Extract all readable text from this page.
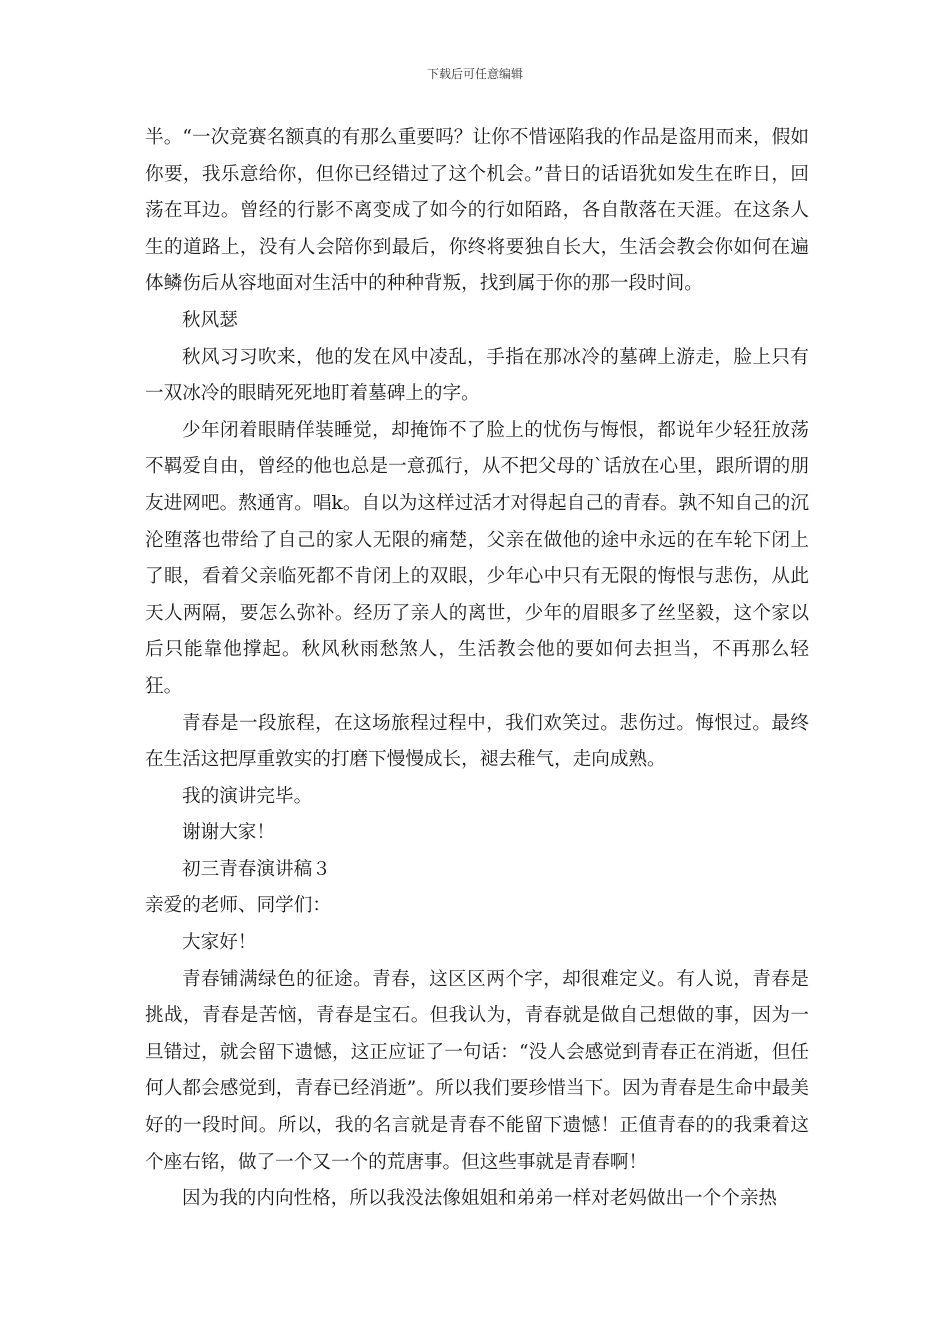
下载后可任意编辑

半。“一次竞赛名额真的有那么重要吗？让你不惜诬陷我的作品是盗用而来，假如你要，我乐意给你，但你已经错过了这个机会。”昔日的话语犹如发生在昨日，回荡在耳边。曾经的行影不离变成了如今的行如陌路，各自散落在天涯。在这条人生的道路上，没有人会陪你到最后，你终将要独自长大，生活会教会你如何在遍体鳞伤后从容地面对生活中的种种背叛，找到属于你的那一段时间。

秋风瑟

秋风习习吹来，他的发在风中凌乱，手指在那冰冷的墓碑上游走，脸上只有一双冰冷的眼睛死死地盯着墓碑上的字。

少年闭着眼睛佯装睡觉，却掩饰不了脸上的忧伤与悔恨，都说年少轻狂放荡不羁爱自由，曾经的他也总是一意孤行，从不把父母的`话放在心里，跟所谓的朋友进网吧。熬通宵。唱k。自以为这样过活才对得起自己的青春。孰不知自己的沉沦堕落也带给了自己的家人无限的痛楚，父亲在做他的途中永远的在车轮下闭上了眼，看着父亲临死都不肯闭上的双眼，少年心中只有无限的悔恨与悲伤，从此天人两隔，要怎么弥补。经历了亲人的离世，少年的眉眼多了丝坚毅，这个家以后只能靠他撑起。秋风秋雨愁煞人，生活教会他的要如何去担当，不再那么轻狂。

青春是一段旅程，在这场旅程过程中，我们欢笑过。悲伤过。悔恨过。最终在生活这把厚重敦实的打磨下慢慢成长，褪去稚气，走向成熟。

我的演讲完毕。

谢谢大家！

初三青春演讲稿３

亲爱的老师、同学们：

大家好！

青春铺满绿色的征途。青春，这区区两个字，却很难定义。有人说，青春是挑战，青春是苦恼，青春是宝石。但我认为，青春就是做自己想做的事，因为一旦错过，就会留下遗憾，这正应证了一句话：“没人会感觉到青春正在消逝，但任何人都会感觉到，青春已经消逝”。所以我们要珍惜当下。因为青春是生命中最美好的一段时间。所以，我的名言就是青春不能留下遗憾！正值青春的的我秉着这个座右铭，做了一个又一个的荒唐事。但这些事就是青春啊！

因为我的内向性格，所以我没法像姐姐和弟弟一样对老妈做出一个个亲热
